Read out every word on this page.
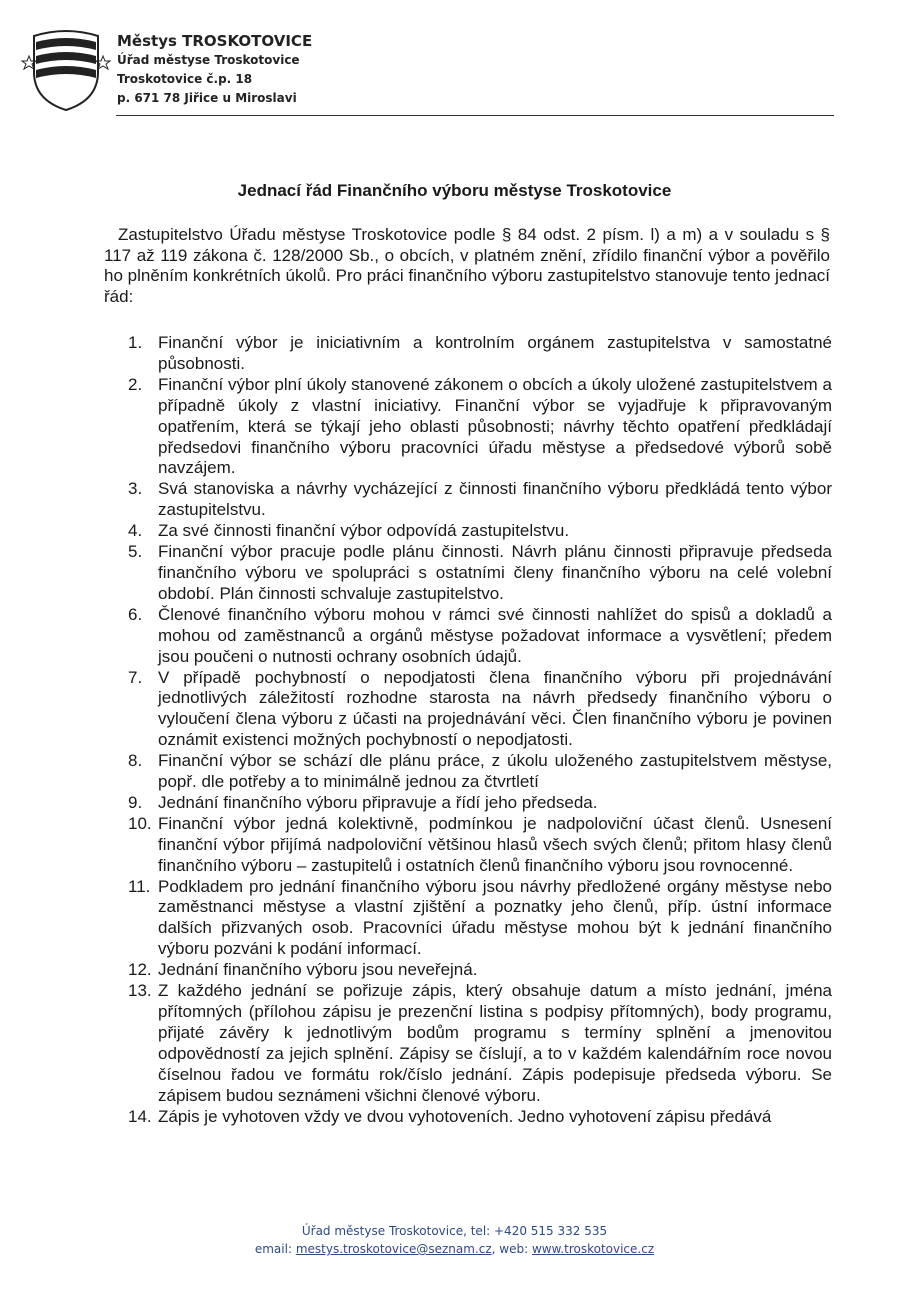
Městys TROSKOTOVICE
Úřad městyse Troskotovice
Troskotovice č.p. 18
p. 671 78 Jiřice u Miroslavi
Jednací řád Finančního výboru městyse Troskotovice
Zastupitelstvo Úřadu městyse Troskotovice podle § 84 odst. 2 písm. l) a m) a v souladu s § 117 až 119 zákona č. 128/2000 Sb., o obcích, v platném znění, zřídilo finanční výbor a pověřilo ho plněním konkrétních úkolů. Pro práci finančního výboru zastupitelstvo stanovuje tento jednací řád:
1. Finanční výbor je iniciativním a kontrolním orgánem zastupitelstva v samostatné působnosti.
2. Finanční výbor plní úkoly stanovené zákonem o obcích a úkoly uložené zastupitelstvem a případně úkoly z vlastní iniciativy. Finanční výbor se vyjadřuje k připravovaným opatřením, která se týkají jeho oblasti působnosti; návrhy těchto opatření předkládají předsedovi finančního výboru pracovníci úřadu městyse a předsedové výborů sobě navzájem.
3. Svá stanoviska a návrhy vycházející z činnosti finančního výboru předkládá tento výbor zastupitelstvu.
4. Za své činnosti finanční výbor odpovídá zastupitelstvu.
5. Finanční výbor pracuje podle plánu činnosti. Návrh plánu činnosti připravuje předseda finančního výboru ve spolupráci s ostatními členy finančního výboru na celé volební období. Plán činnosti schvaluje zastupitelstvo.
6. Členové finančního výboru mohou v rámci své činnosti nahlížet do spisů a dokladů a mohou od zaměstnanců a orgánů městyse požadovat informace a vysvětlení; předem jsou poučeni o nutnosti ochrany osobních údajů.
7. V případě pochybností o nepodjatosti člena finančního výboru při projednávání jednotlivých záležitostí rozhodne starosta na návrh předsedy finančního výboru o vyloučení člena výboru z účasti na projednávání věci. Člen finančního výboru je povinen oznámit existenci možných pochybností o nepodjatosti.
8. Finanční výbor se schází dle plánu práce, z úkolu uloženého zastupitelstvem městyse, popř. dle potřeby a to minimálně jednou za čtvrtletí
9. Jednání finančního výboru připravuje a řídí jeho předseda.
10. Finanční výbor jedná kolektivně, podmínkou je nadpoloviční účast členů. Usnesení finanční výbor přijímá nadpoloviční většinou hlasů všech svých členů; přitom hlasy členů finančního výboru – zastupitelů i ostatních členů finančního výboru jsou rovnocenné.
11. Podkladem pro jednání finančního výboru jsou návrhy předložené orgány městyse nebo zaměstnanci městyse a vlastní zjištění a poznatky jeho členů, příp. ústní informace dalších přizvaných osob. Pracovníci úřadu městyse mohou být k jednání finančního výboru pozváni k podání informací.
12. Jednání finančního výboru jsou neveřejná.
13. Z každého jednání se pořizuje zápis, který obsahuje datum a místo jednání, jména přítomných (přílohou zápisu je prezenční listina s podpisy přítomných), body programu, přijaté závěry k jednotlivým bodům programu s termíny splnění a jmenovitou odpovědností za jejich splnění. Zápisy se číslují, a to v každém kalendářním roce novou číselnou řadou ve formátu rok/číslo jednání. Zápis podepisuje předseda výboru. Se zápisem budou seznámeni všichni členové výboru.
14. Zápis je vyhotoven vždy ve dvou vyhotoveních. Jedno vyhotovení zápisu předává
Úřad městyse Troskotovice, tel: +420 515 332 535
email: mestys.troskotovice@seznam.cz, web: www.troskotovice.cz
